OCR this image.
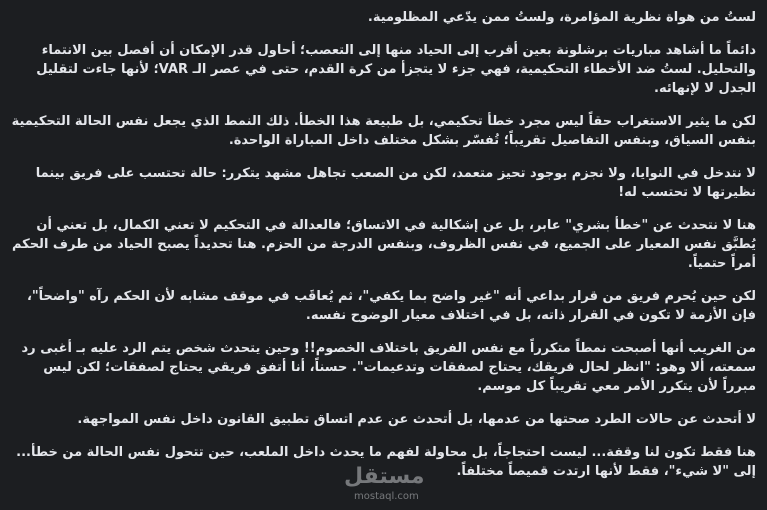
لستُ من هواة نظرية المؤامرة، ولستُ ممن يدّعي المظلومية.

دائماً ما أشاهد مباريات برشلونة بعين أقرب إلى الحياد منها إلى التعصب؛ أحاول قدر الإمكان أن أفصل بين الانتماء والتحليل. لستُ ضد الأخطاء التحكيمية، فهي جزء لا يتجزأ من كرة القدم، حتى في عصر الـ VAR؛ لأنها جاءت لتقليل الجدل لا لإنهائه.

لكن ما يثير الاستغراب حقاً ليس مجرد خطأ تحكيمي، بل طبيعة هذا الخطأ. ذلك النمط الذي يجعل نفس الحالة التحكيمية بنفس السياق، وبنفس التفاصيل تقريباً؛ تُفسّر بشكل مختلف داخل المباراة الواحدة.

لا نتدخل في النوايا، ولا نجزم بوجود تحيز متعمد، لكن من الصعب تجاهل مشهد يتكرر: حالة تحتسب على فريق بينما نظيرتها لا تحتسب له!

هنا لا نتحدث عن "خطأ بشري" عابر، بل عن إشكالية في الاتساق؛ فالعدالة في التحكيم لا تعني الكمال، بل تعني أن يُطبَّق نفس المعيار على الجميع، في نفس الظروف، وبنفس الدرجة من الحزم. هنا تحديداً يصبح الحياد من طرف الحكم أمراً حتمياً.

لكن حين يُحرم فريق من قرار بداعي أنه "غير واضح بما يكفي"، ثم يُعاقَب في موقف مشابه لأن الحكم رآه "واضحاً"، فإن الأزمة لا تكون في القرار ذاته، بل في اختلاف معيار الوضوح نفسه.

من الغريب أنها أصبحت نمطاً متكرراً مع نفس الفريق باختلاف الخصوم!! وحين يتحدث شخص يتم الرد عليه بـ أغبى رد سمعته، ألا وهو: "انظر لحال فريقك، يحتاج لصفقات وتدعيمات". حسناً، أنا أتفق فريقي يحتاج لصفقات؛ لكن ليس مبرراً لأن يتكرر الأمر معي تقريباً كل موسم.

لا أتحدث عن حالات الطرد صحتها من عدمها، بل أتحدث عن عدم اتساق تطبيق القانون داخل نفس المواجهة.

هنا فقط تكون لنا وقفة... ليست احتجاجاً، بل محاولة لفهم ما يحدث داخل الملعب، حين تتحول نفس الحالة من خطأ... إلى "لا شيء"، فقط لأنها ارتدت قميصاً مختلفاً.

مستقل
mostaql.com
